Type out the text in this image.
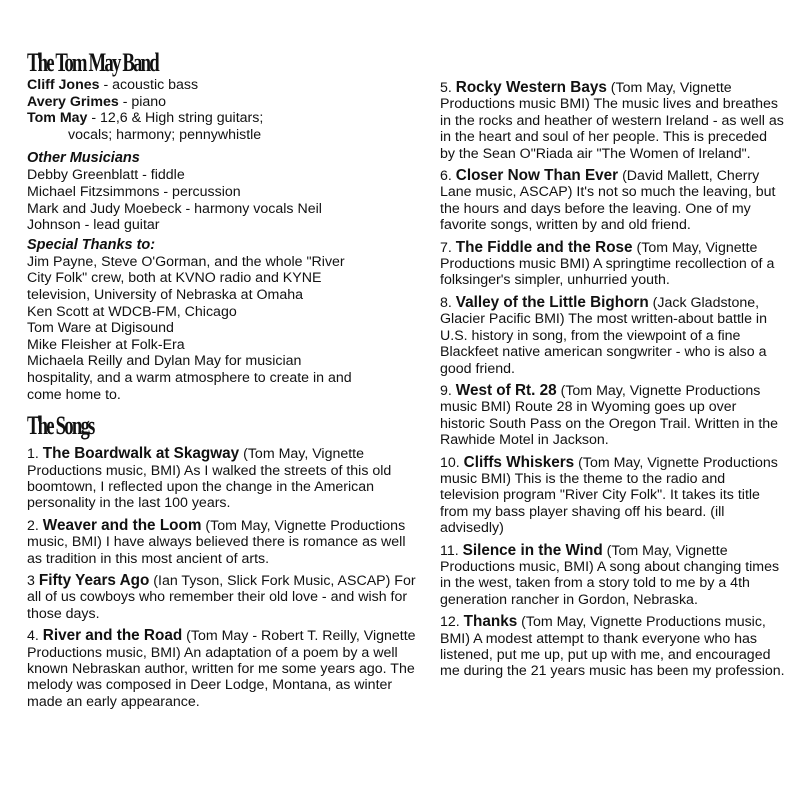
The Tom May Band
Cliff Jones - acoustic bass
Avery Grimes - piano
Tom May - 12,6 & High string guitars;
vocals; harmony; pennywhistle
Other Musicians
Debby Greenblatt - fiddle
Michael Fitzsimmons - percussion
Mark and Judy Moebeck - harmony vocals Neil
Johnson - lead guitar
Special Thanks to:
Jim Payne, Steve O'Gorman, and the whole "River
City Folk" crew, both at KVNO radio and KYNE
television, University of Nebraska at Omaha
Ken Scott at WDCB-FM, Chicago
Tom Ware at Digisound
Mike Fleisher at Folk-Era
Michaela Reilly and Dylan May for musician
hospitality, and a warm atmosphere to create in and
come home to.
The Songs
1. The Boardwalk at Skagway (Tom May, Vignette Productions music, BMI) As I walked the streets of this old boomtown, I reflected upon the change in the American personality in the last 100 years.
2. Weaver and the Loom (Tom May, Vignette Productions music, BMI) I have always believed there is romance as well as tradition in this most ancient of arts.
3 Fifty Years Ago (Ian Tyson, Slick Fork Music, ASCAP) For all of us cowboys who remember their old love - and wish for those days.
4. River and the Road (Tom May - Robert T. Reilly, Vignette Productions music, BMI) An adaptation of a poem by a well known Nebraskan author, written for me some years ago. The melody was composed in Deer Lodge, Montana, as winter made an early appearance.
5. Rocky Western Bays (Tom May, Vignette Productions music BMI) The music lives and breathes in the rocks and heather of western Ireland - as well as in the heart and soul of her people. This is preceded by the Sean O"Riada air "The Women of Ireland".
6. Closer Now Than Ever (David Mallett, Cherry Lane music, ASCAP) It's not so much the leaving, but the hours and days before the leaving. One of my favorite songs, written by and old friend.
7. The Fiddle and the Rose (Tom May, Vignette Productions music BMI) A springtime recollection of a folksinger's simpler, unhurried youth.
8. Valley of the Little Bighorn (Jack Gladstone, Glacier Pacific BMI) The most written-about battle in U.S. history in song, from the viewpoint of a fine Blackfeet native american songwriter - who is also a good friend.
9. West of Rt. 28 (Tom May, Vignette Productions music BMI) Route 28 in Wyoming goes up over historic South Pass on the Oregon Trail. Written in the Rawhide Motel in Jackson.
10. Cliffs Whiskers (Tom May, Vignette Productions music BMI) This is the theme to the radio and television program "River City Folk". It takes its title from my bass player shaving off his beard. (ill advisedly)
11. Silence in the Wind (Tom May, Vignette Productions music, BMI) A song about changing times in the west, taken from a story told to me by a 4th generation rancher in Gordon, Nebraska.
12. Thanks (Tom May, Vignette Productions music, BMI) A modest attempt to thank everyone who has listened, put me up, put up with me, and encouraged me during the 21 years music has been my profession.
